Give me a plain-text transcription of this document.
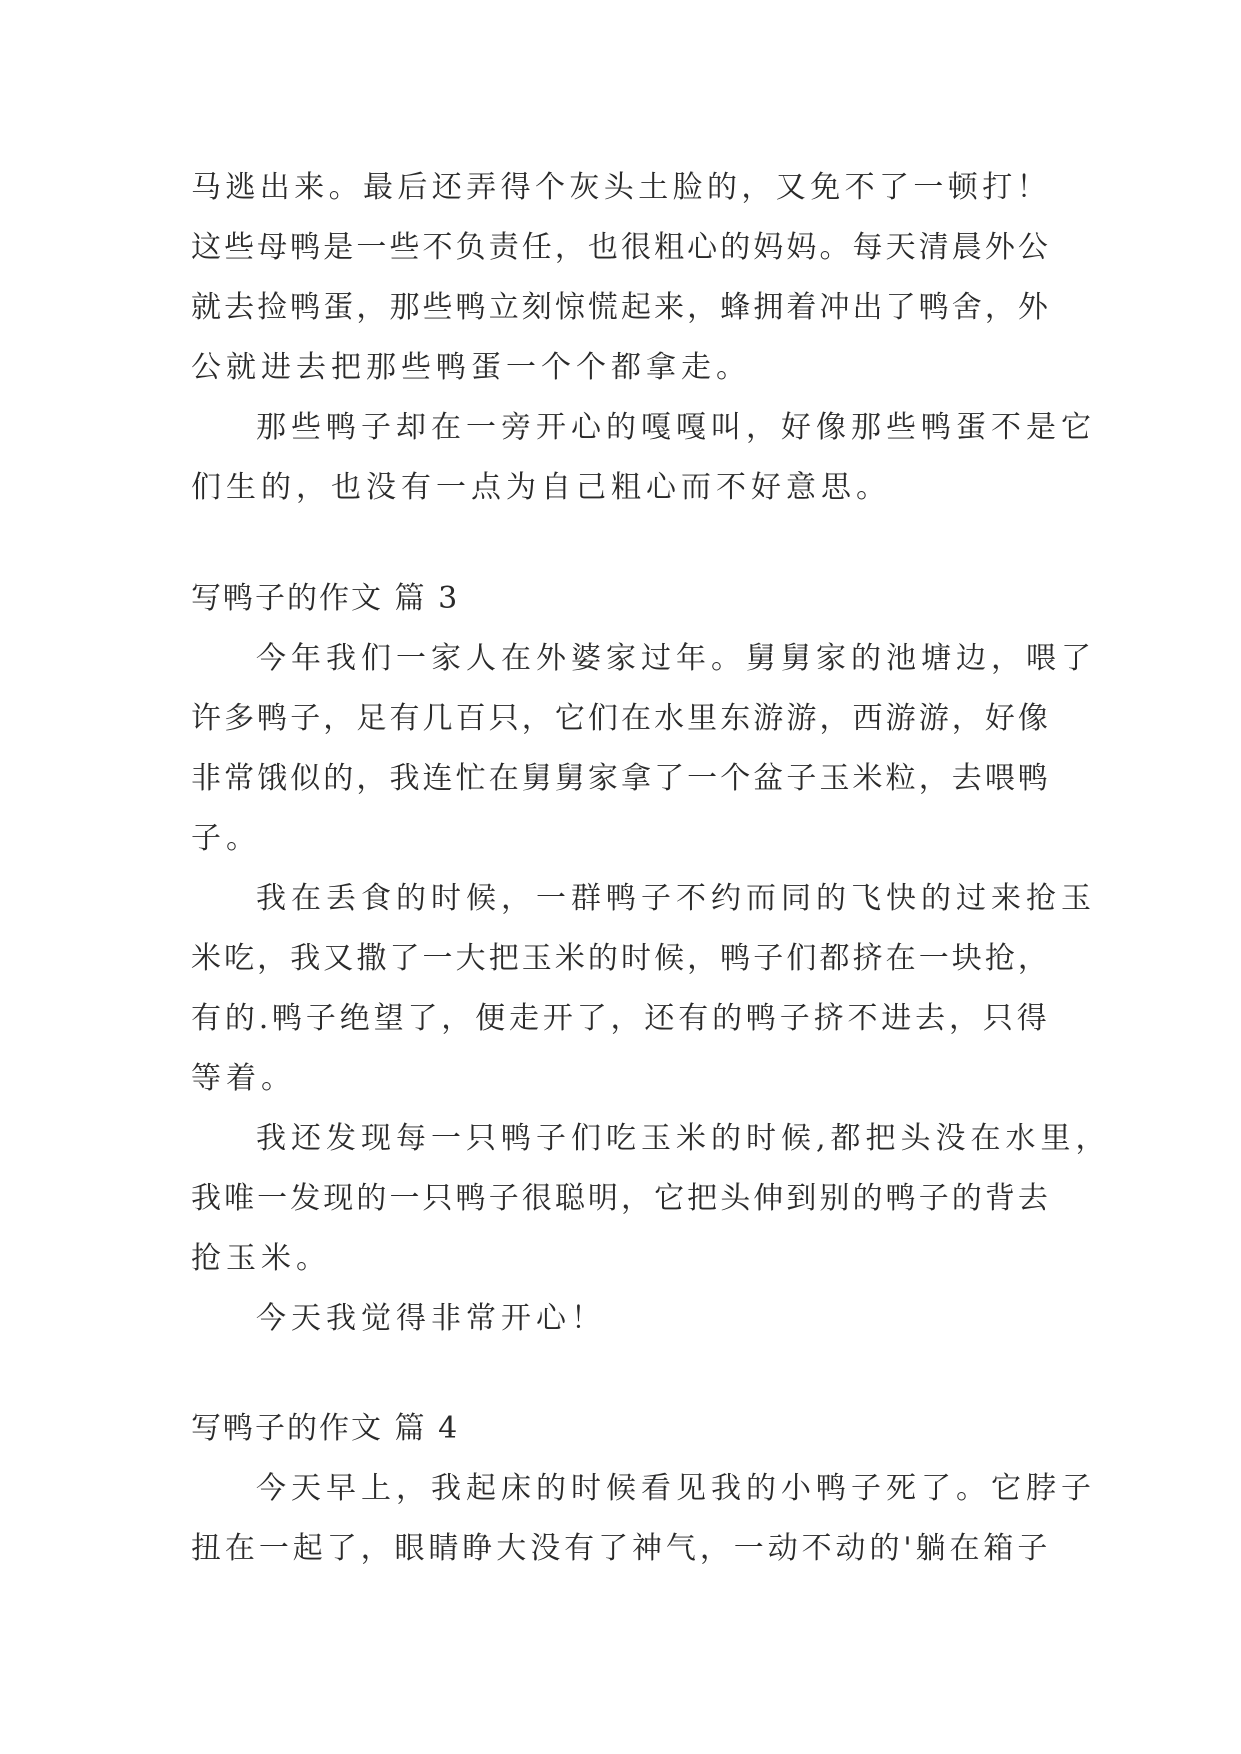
马逃出来。最后还弄得个灰头土脸的，又免不了一顿打！
这些母鸭是一些不负责任，也很粗心的妈妈。每天清晨外公
就去捡鸭蛋，那些鸭立刻惊慌起来，蜂拥着冲出了鸭舍，外
公就进去把那些鸭蛋一个个都拿走。
那些鸭子却在一旁开心的嘎嘎叫，好像那些鸭蛋不是它
们生的，也没有一点为自己粗心而不好意思。
写鸭子的作文 篇 3
今年我们一家人在外婆家过年。舅舅家的池塘边，喂了
许多鸭子，足有几百只，它们在水里东游游，西游游，好像
非常饿似的，我连忙在舅舅家拿了一个盆子玉米粒，去喂鸭
子。
我在丢食的时候，一群鸭子不约而同的飞快的过来抢玉
米吃，我又撒了一大把玉米的时候，鸭子们都挤在一块抢，
有的.鸭子绝望了，便走开了，还有的鸭子挤不进去，只得
等着。
我还发现每一只鸭子们吃玉米的时候,都把头没在水里，
我唯一发现的一只鸭子很聪明，它把头伸到别的鸭子的背去
抢玉米。
今天我觉得非常开心！
写鸭子的作文 篇 4
今天早上，我起床的时候看见我的小鸭子死了。它脖子
扭在一起了，眼睛睁大没有了神气，一动不动的'躺在箱子
